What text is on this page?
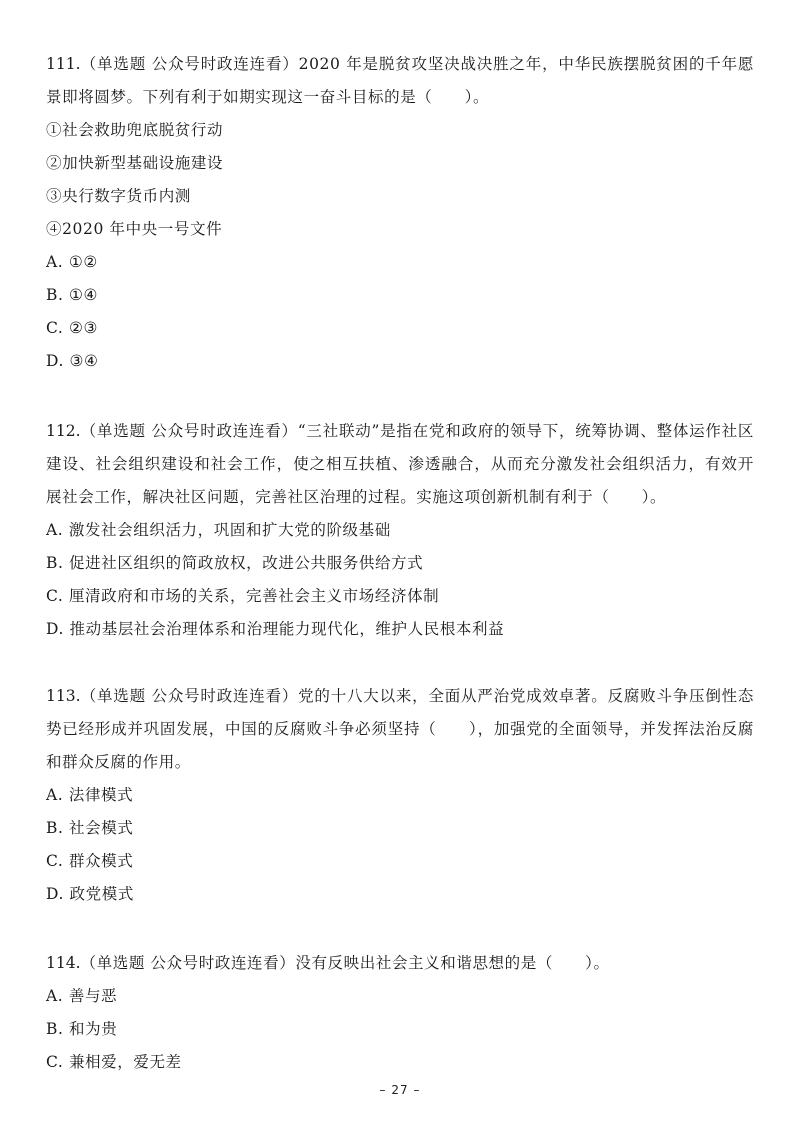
111.（单选题 公众号时政连连看）2020 年是脱贫攻坚决战决胜之年，中华民族摆脱贫困的千年愿景即将圆梦。下列有利于如期实现这一奋斗目标的是（　　）。

①社会救助兜底脱贫行动
②加快新型基础设施建设
③央行数字货币内测
④2020 年中央一号文件
A. ①②
B. ①④
C. ②③
D. ③④

112.（单选题 公众号时政连连看）“三社联动”是指在党和政府的领导下，统筹协调、整体运作社区建设、社会组织建设和社会工作，使之相互扶植、渗透融合，从而充分激发社会组织活力，有效开展社会工作，解决社区问题，完善社区治理的过程。实施这项创新机制有利于（　　）。

A. 激发社会组织活力，巩固和扩大党的阶级基础
B. 促进社区组织的简政放权，改进公共服务供给方式
C. 厘清政府和市场的关系，完善社会主义市场经济体制
D. 推动基层社会治理体系和治理能力现代化，维护人民根本利益

113.（单选题 公众号时政连连看）党的十八大以来，全面从严治党成效卓著。反腐败斗争压倒性态势已经形成并巩固发展，中国的反腐败斗争必须坚持（　　），加强党的全面领导，并发挥法治反腐和群众反腐的作用。

A. 法律模式
B. 社会模式
C. 群众模式
D. 政党模式

114.（单选题 公众号时政连连看）没有反映出社会主义和谐思想的是（　　）。

A. 善与恶
B. 和为贵
C. 兼相爱，爱无差
– 27 –
